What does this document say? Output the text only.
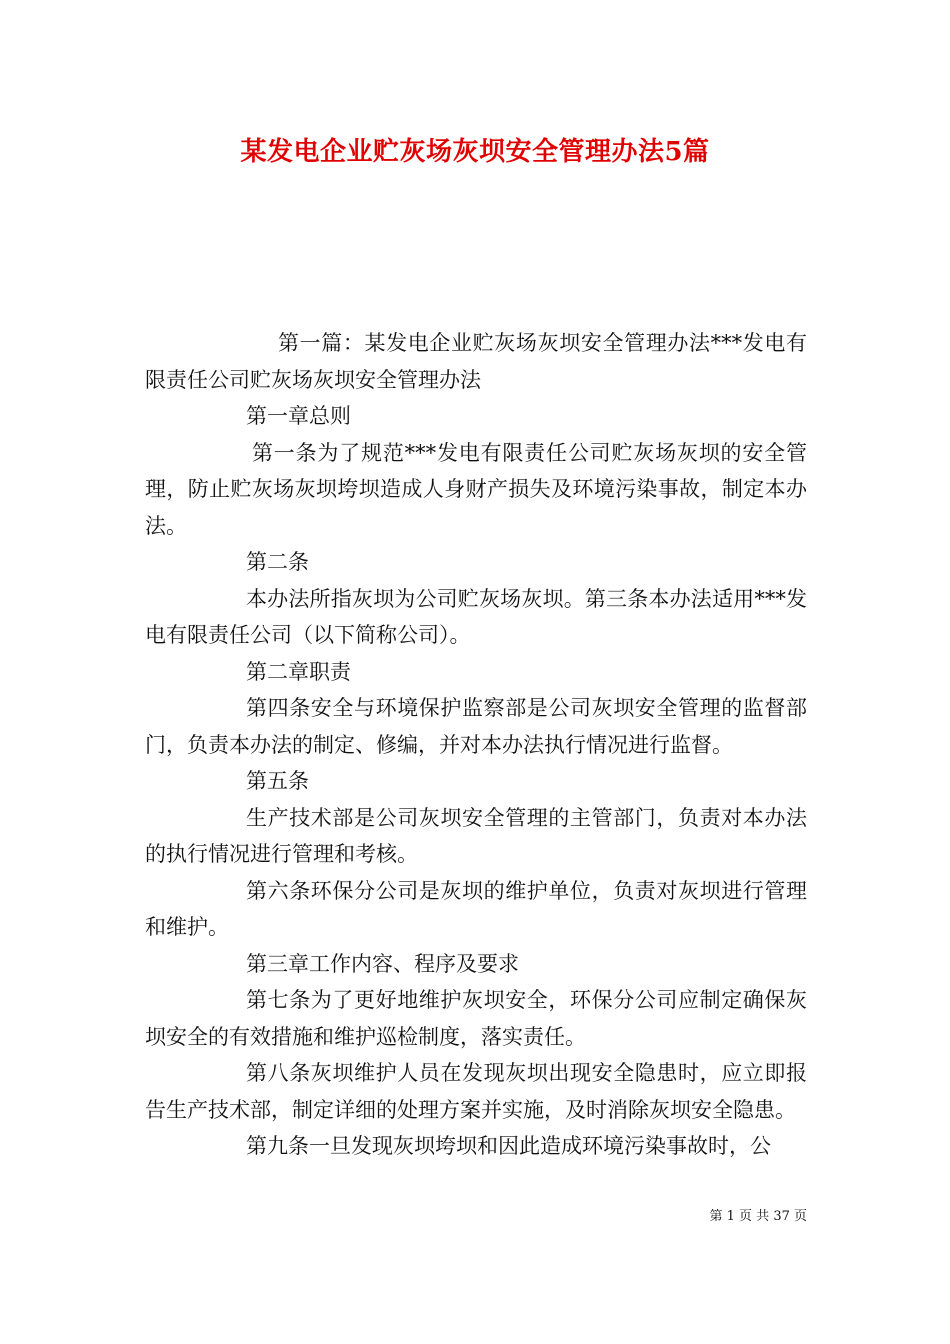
某发电企业贮灰场灰坝安全管理办法5篇

第一篇：某发电企业贮灰场灰坝安全管理办法***发电有限责任公司贮灰场灰坝安全管理办法

第一章总则

第一条为了规范***发电有限责任公司贮灰场灰坝的安全管理，防止贮灰场灰坝垮坝造成人身财产损失及环境污染事故，制定本办法。

第二条

本办法所指灰坝为公司贮灰场灰坝。第三条本办法适用***发电有限责任公司（以下简称公司）。

第二章职责

第四条安全与环境保护监察部是公司灰坝安全管理的监督部门，负责本办法的制定、修编，并对本办法执行情况进行监督。

第五条

生产技术部是公司灰坝安全管理的主管部门，负责对本办法的执行情况进行管理和考核。

第六条环保分公司是灰坝的维护单位，负责对灰坝进行管理和维护。

第三章工作内容、程序及要求

第七条为了更好地维护灰坝安全，环保分公司应制定确保灰坝安全的有效措施和维护巡检制度，落实责任。

第八条灰坝维护人员在发现灰坝出现安全隐患时，应立即报告生产技术部，制定详细的处理方案并实施，及时消除灰坝安全隐患。

第九条一旦发现灰坝垮坝和因此造成环境污染事故时，公

第 1 页 共 37 页
